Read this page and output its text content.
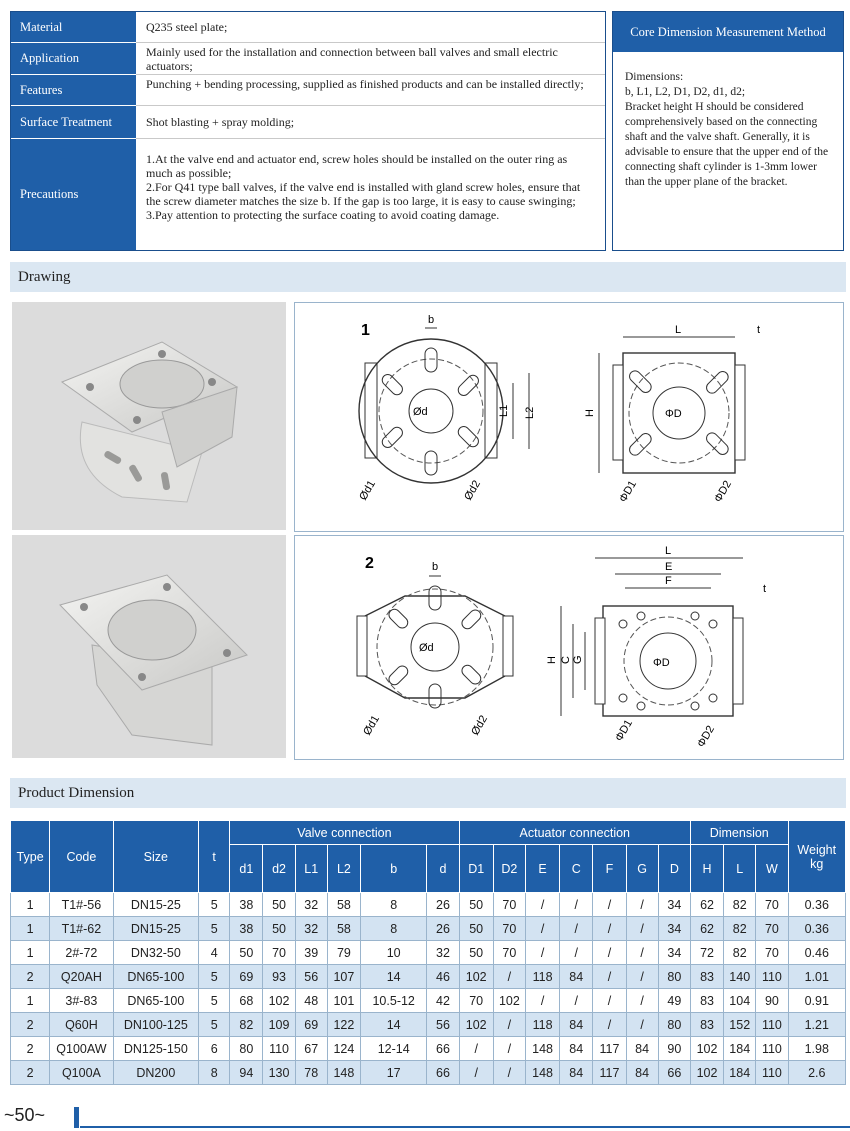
Material	Q235 steel plate;
Application	Mainly used for the installation and connection between ball valves and small electric actuators;
Features	Punching + bending processing, supplied as finished products and can be installed directly;
Surface Treatment	Shot blasting + spray molding;
Precautions
1.At the valve end and actuator end, screw holes should be installed on the outer ring as much as possible;
2.For Q41 type ball valves, if the valve end is installed with gland screw holes, ensure that the screw diameter matches the size b. If the gap is too large, it is easy to cause swinging;
3.Pay attention to protecting the surface coating to avoid coating damage.
Core Dimension Measurement Method
Dimensions:
b, L1, L2, D1, D2, d1, d2;
Bracket height H should be considered comprehensively based on the connecting shaft and the valve shaft. Generally, it is advisable to ensure that the upper end of the connecting shaft cylinder is 1-3mm lower than the upper plane of the bracket.
Drawing
1
b
L1 L2
Ød
Ød1	Ød2
L	t
H	ΦD
ΦD1	ΦD2
2	b
Ød
Ød1	Ød2
L
E
F
t
H C G	ΦD
ΦD1	ΦD2
Product Dimension
Type	Code	Size	t	Valve connection						Actuator connection							Dimension			Weight
kg
				d1	d2	L1	L2	b	d	D1	D2	E	C	F	G	D	H	L	W	
1	T1#-56	DN15-25	5	38	50	32	58	8	26	50	70	/	/	/	/	34	62	82	70	0.36
1	T1#-62	DN15-25	5	38	50	32	58	8	26	50	70	/	/	/	/	34	62	82	70	0.36
1	2#-72	DN32-50	4	50	70	39	79	10	32	50	70	/	/	/	/	34	72	82	70	0.46
2	Q20AH	DN65-100	5	69	93	56	107	14	46	102	/	118	84	/	/	80	83	140	110	1.01
1	3#-83	DN65-100	5	68	102	48	101	10.5-12	42	70	102	/	/	/	/	49	83	104	90	0.91
2	Q60H	DN100-125	5	82	109	69	122	14	56	102	/	118	84	/	/	80	83	152	110	1.21
2	Q100AW	DN125-150	6	80	110	67	124	12-14	66	/	/	148	84	117	84	90	102	184	110	1.98
2	Q100A	DN200	8	94	130	78	148	17	66	/	/	148	84	117	84	66	102	184	110	2.6
~50~
